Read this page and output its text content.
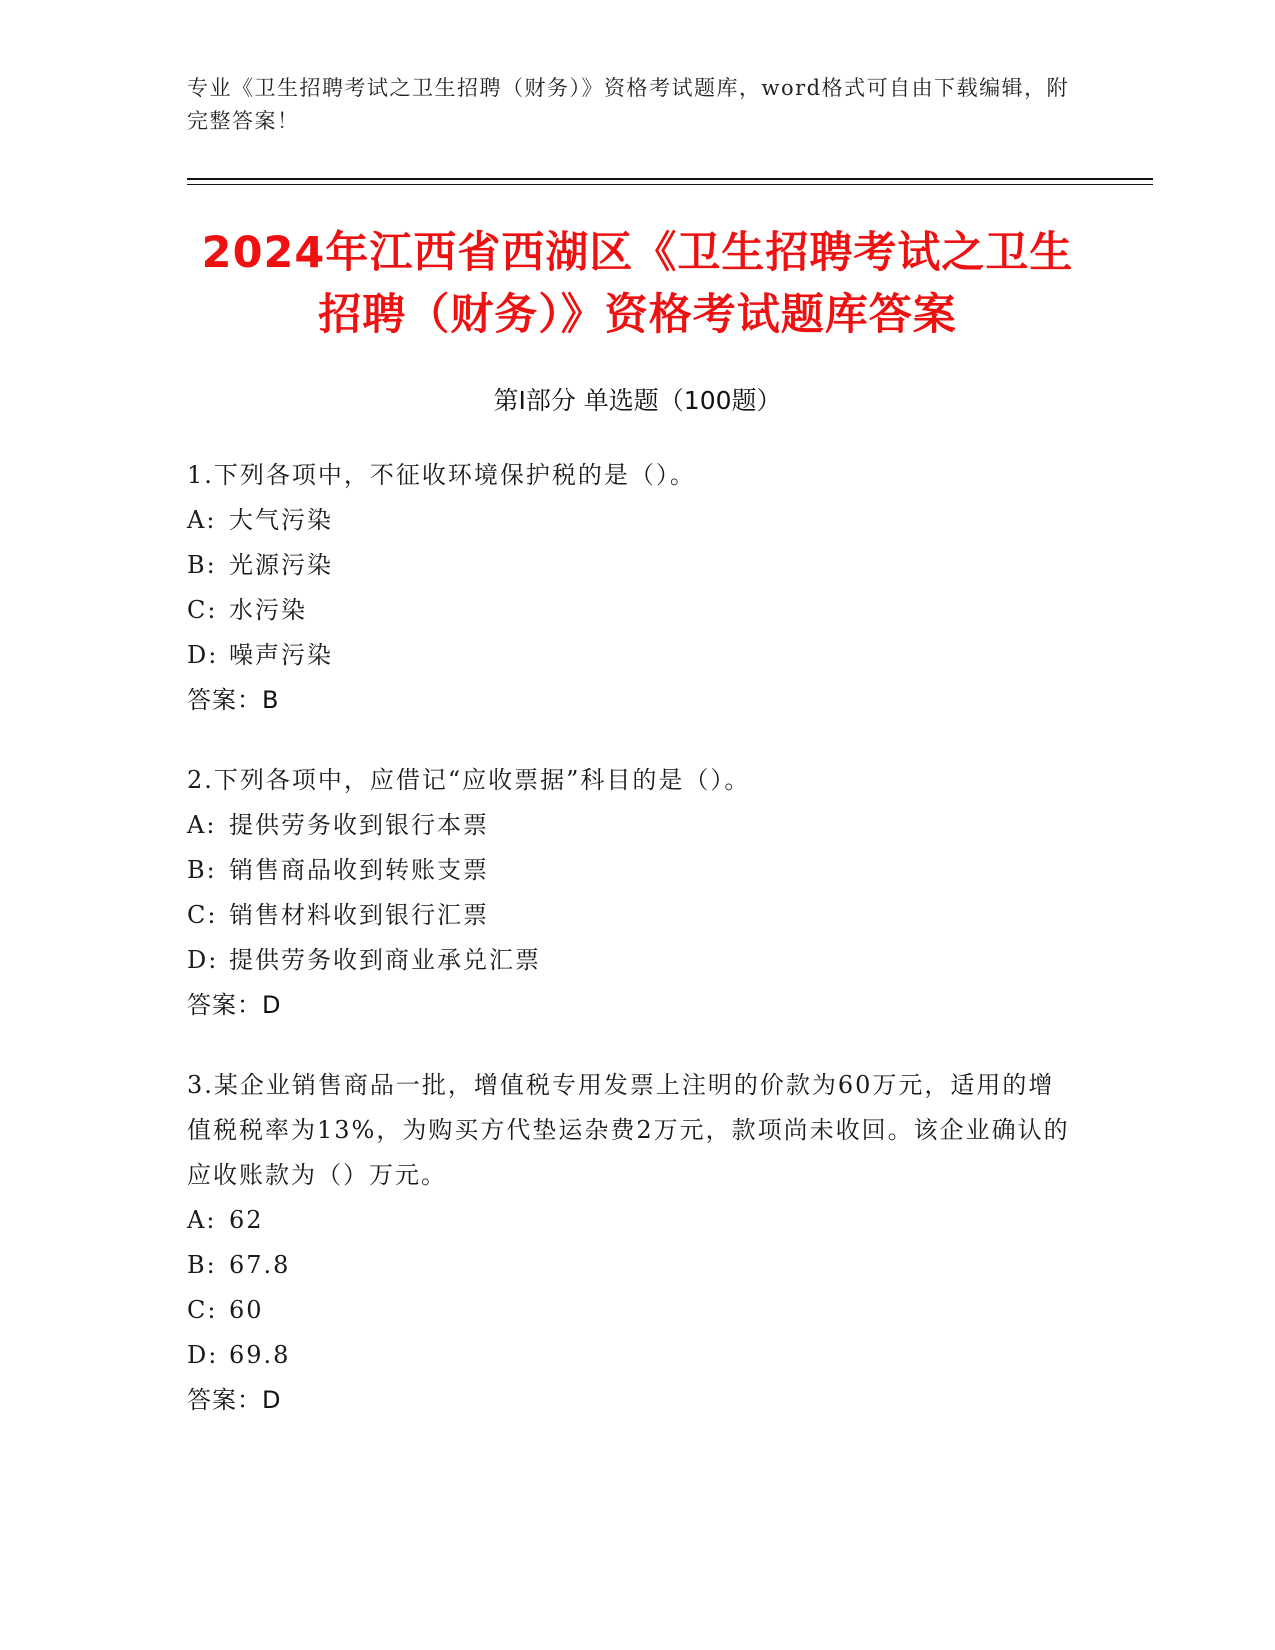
专业《卫生招聘考试之卫生招聘（财务）》资格考试题库，word格式可自由下载编辑，附完整答案！
2024年江西省西湖区《卫生招聘考试之卫生
招聘（财务）》资格考试题库答案
第Ⅰ部分 单选题（100题）
1.下列各项中，不征收环境保护税的是（）。
A: 大气污染
B: 光源污染
C: 水污染
D: 噪声污染
答案：B
2.下列各项中，应借记“应收票据”科目的是（）。
A: 提供劳务收到银行本票
B: 销售商品收到转账支票
C: 销售材料收到银行汇票
D: 提供劳务收到商业承兑汇票
答案：D
3.某企业销售商品一批，增值税专用发票上注明的价款为60万元，适用的增值税税率为13%，为购买方代垫运杂费2万元，款项尚未收回。该企业确认的应收账款为（）万元。
A: 62
B: 67.8
C: 60
D: 69.8
答案：D
